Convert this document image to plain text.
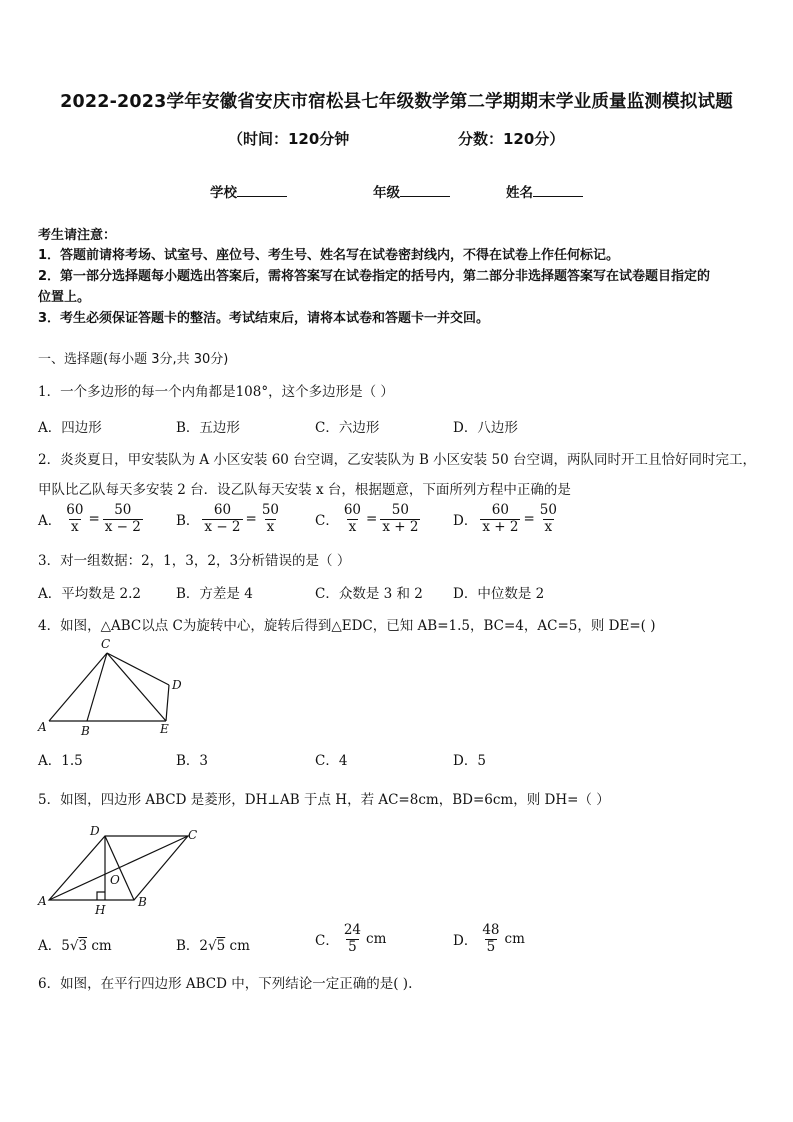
2022-2023学年安徽省安庆市宿松县七年级数学第二学期期末学业质量监测模拟试题
（时间：120分钟	分数：120分）
学校	年级	姓名
考生请注意：
1．答题前请将考场、试室号、座位号、考生号、姓名写在试卷密封线内，不得在试卷上作任何标记。
2．第一部分选择题每小题选出答案后，需将答案写在试卷指定的括号内，第二部分非选择题答案写在试卷题目指定的
位置上。
3．考生必须保证答题卡的整洁。考试结束后，请将本试卷和答题卡一并交回。
一、选择题(每小题 3分,共 30分)
1．一个多边形的每一个内角都是108°，这个多边形是（ ）
A．四边形	B．五边形	C．六边形	D．八边形
2．炎炎夏日，甲安装队为 A 小区安装 60 台空调，乙安装队为 B 小区安装 50 台空调，两队同时开工且恰好同时完工，
甲队比乙队每天多安装 2 台．设乙队每天安装 x 台，根据题意，下面所列方程中正确的是
A． $\frac{60}{x} = \frac{50}{x - 2}$ B． $\frac{60}{x - 2} = \frac{50}{x}$	C． $\frac{60}{x} = \frac{50}{x + 2}$ D． $\frac{60}{x + 2} = \frac{50}{x}$
3．对一组数据：2，1，3，2，3分析错误的是（ ）
A．平均数是 2.2	B．方差是 4	C．众数是 3 和 2 D．中位数是 2
4．如图，△ABC以点 C为旋转中心，旋转后得到△EDC，已知 AB=1.5，BC=4，AC=5，则 DE=( )
C
D
A	B	E
A．1.5	B．3	C．4	D．5
5．如图，四边形 ABCD 是菱形，DH⊥AB 于点 H，若 AC=8cm，BD=6cm，则 DH=（ ）
D	C
O
A
H
B
A．5√3 cm	B．2√5 cm	C． $\frac{24}{5}$ cm	D． $\frac{48}{5}$ cm
6．如图，在平行四边形 ABCD 中，下列结论一定正确的是( ).
